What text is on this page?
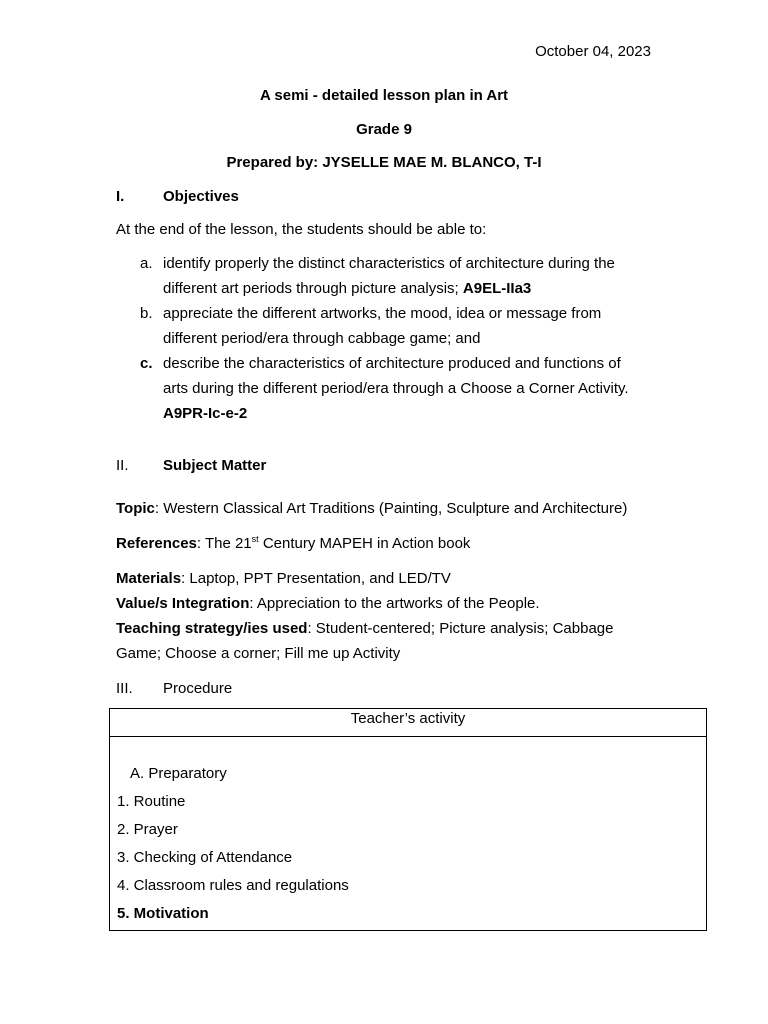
October 04, 2023
A semi - detailed lesson plan in Art
Grade 9
Prepared by: JYSELLE MAE M. BLANCO, T-I
I.	Objectives
At the end of the lesson, the students should be able to:
a. identify properly the distinct characteristics of architecture during the
different art periods through picture analysis; A9EL-IIa3
b. appreciate the different artworks, the mood, idea or message from
different period/era through cabbage game; and
c. describe the characteristics of architecture produced and functions of
arts during the different period/era through a Choose a Corner Activity.
A9PR-Ic-e-2
II. Subject Matter
Topic: Western Classical Art Traditions (Painting, Sculpture and Architecture)
References: The 21st Century MAPEH in Action book
Materials: Laptop, PPT Presentation, and LED/TV
Value/s Integration: Appreciation to the artworks of the People.
Teaching strategy/ies used: Student-centered; Picture analysis; Cabbage
Game; Choose a corner; Fill me up Activity
III. Procedure
Teacher’s activity
A. Preparatory
1. Routine
2. Prayer
3. Checking of Attendance
4. Classroom rules and regulations
5. Motivation
